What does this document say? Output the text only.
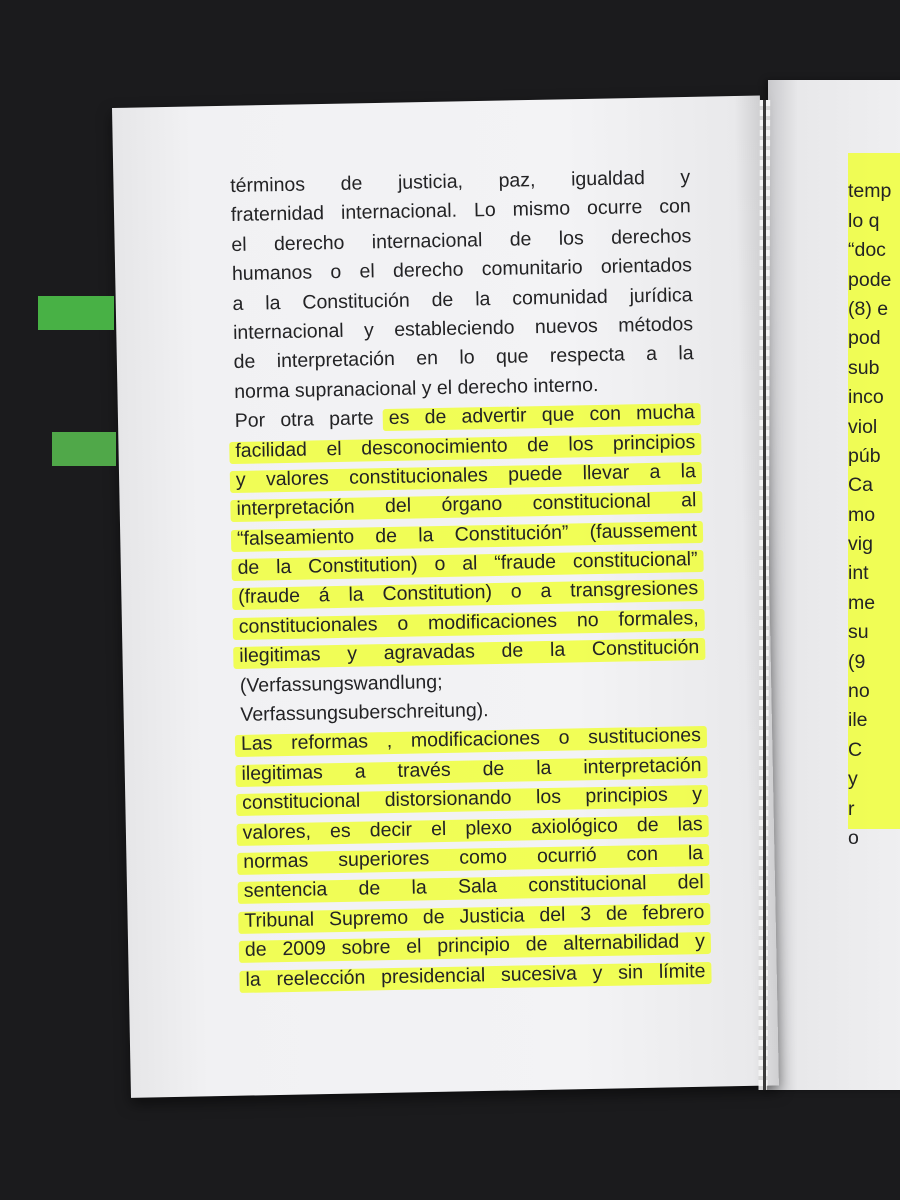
términos de justicia, paz, igualdad y
fraternidad internacional. Lo mismo ocurre con
el derecho internacional de los derechos
humanos o el derecho comunitario orientados
a la Constitución de la comunidad jurídica
internacional y estableciendo nuevos métodos
de interpretación en lo que respecta a la
norma supranacional y el derecho interno.
Por otra parte es de advertir que con mucha
facilidad el desconocimiento de los principios
y valores constitucionales puede llevar a la
interpretación del órgano constitucional al
“falseamiento de la Constitución” (faussement
de la Constitution) o al “fraude constitucional”
(fraude á la Constitution) o a transgresiones
constitucionales o modificaciones no formales,
ilegitimas y agravadas de la Constitución
(Verfassungswandlung;
Verfassungsuberschreitung).
Las reformas , modificaciones o sustituciones
ilegitimas a través de la interpretación
constitucional distorsionando los principios y
valores, es decir el plexo axiológico de las
normas superiores como ocurrió con la
sentencia de la Sala constitucional del
Tribunal Supremo de Justicia del 3 de febrero
de 2009 sobre el principio de alternabilidad y
la reelección presidencial sucesiva y sin límite
temp
lo q
“doc
pode
(8) e
pod
sub
inco
viol
púb
Ca
mo
vig
int
me
su
(9
no
ile
C
y
r
o
